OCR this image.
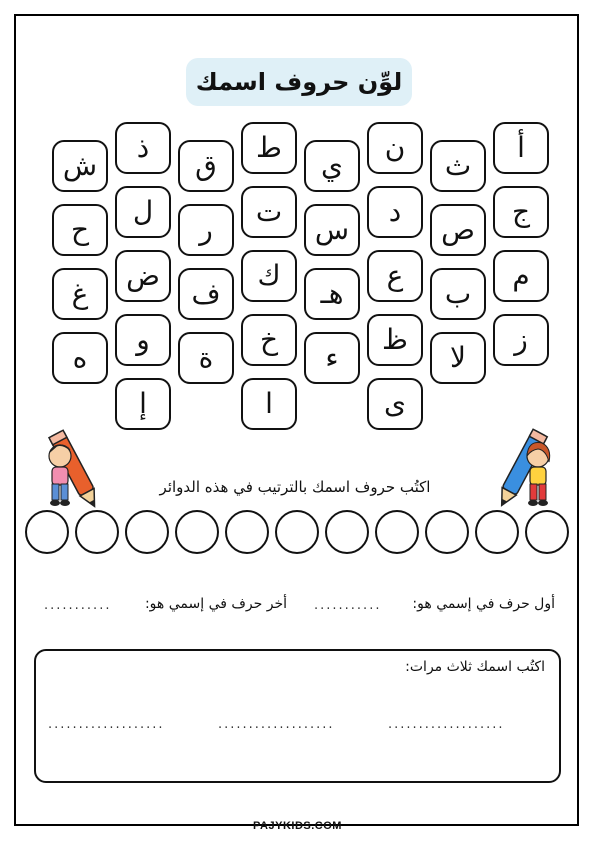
لوِّن حروف اسمك
أ
ج
م
ز
ث
ص
ب
لا
ن
د
ع
ظ
ى
ي
س
هـ
ء
ط
ت
ك
خ
ا
ق
ر
ف
ة
ذ
ل
ض
و
إ
ش
ح
غ
ه
اكتُب حروف اسمك بالترتيب في هذه الدوائر
أول حرف في إسمي هو:
...........
أخر حرف في إسمي هو:
...........
اكتُب اسمك ثلاث مرات:
...................	...................	...................
PAJYKIDS.COM
